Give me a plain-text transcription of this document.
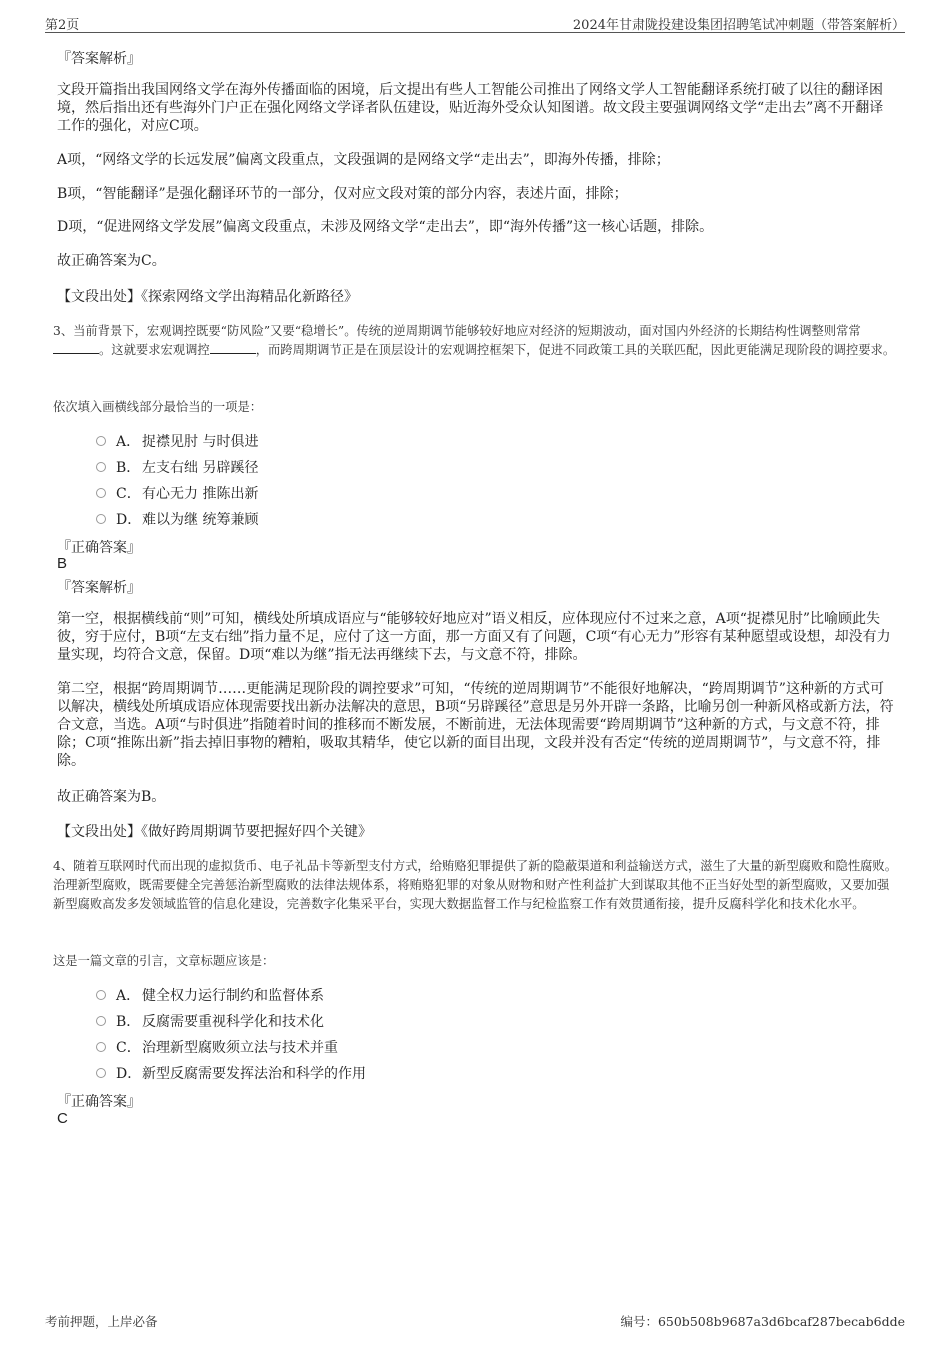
第2页	2024年甘肃陇投建设集团招聘笔试冲刺题（带答案解析）
『答案解析』

文段开篇指出我国网络文学在海外传播面临的困境，后文提出有些人工智能公司推出了网络文学人工智能翻译系统打破了以往的翻译困境，然后指出还有些海外门户正在强化网络文学译者队伍建设，贴近海外受众认知图谱。故文段主要强调网络文学“走出去”离不开翻译工作的强化，对应C项。

A项，“网络文学的长远发展”偏离文段重点，文段强调的是网络文学“走出去”，即海外传播，排除；

B项，“智能翻译”是强化翻译环节的一部分，仅对应文段对策的部分内容，表述片面，排除；

D项，“促进网络文学发展”偏离文段重点，未涉及网络文学“走出去”，即“海外传播”这一核心话题，排除。

故正确答案为C。

【文段出处】《探索网络文学出海精品化新路径》

3、当前背景下，宏观调控既要“防风险”又要“稳增长”。传统的逆周期调节能够较好地应对经济的短期波动，面对国内外经济的长期结构性调整则常常。这就要求宏观调控	，而跨周期调节正是在顶层设计的宏观调控框架下，促进不同政策工具的关联匹配，因此更能满足现阶段的调控要求。

依次填入画横线部分最恰当的一项是：
A． 捉襟见肘 与时俱进
B． 左支右绌 另辟蹊径
C．有心无力 推陈出新
D．难以为继 统筹兼顾
『正确答案』
B
『答案解析』

第一空，根据横线前“则”可知，横线处所填成语应与“能够较好地应对”语义相反，应体现应付不过来之意，A项“捉襟见肘”比喻顾此失彼，穷于应付，B项“左支右绌”指力量不足，应付了这一方面，那一方面又有了问题，C项“有心无力”形容有某种愿望或设想，却没有力量实现，均符合文意，保留。D项“难以为继”指无法再继续下去，与文意不符，排除。

第二空，根据“跨周期调节……更能满足现阶段的调控要求”可知，“传统的逆周期调节”不能很好地解决，“跨周期调节”这种新的方式可以解决，横线处所填成语应体现需要找出新办法解决的意思，B项“另辟蹊径”意思是另外开辟一条路，比喻另创一种新风格或新方法，符合文意，当选。A项“与时俱进”指随着时间的推移而不断发展，不断前进，无法体现需要“跨周期调节”这种新的方式，与文意不符，排除；C项“推陈出新”指去掉旧事物的糟粕，吸取其精华，使它以新的面目出现，文段并没有否定“传统的逆周期调节”，与文意不符，排除。

故正确答案为B。

【文段出处】《做好跨周期调节要把握好四个关键》

4、随着互联网时代而出现的虚拟货币、电子礼品卡等新型支付方式，给贿赂犯罪提供了新的隐蔽渠道和利益输送方式，滋生了大量的新型腐败和隐性腐败。治理新型腐败，既需要健全完善惩治新型腐败的法律法规体系，将贿赂犯罪的对象从财物和财产性利益扩大到谋取其他不正当好处型的新型腐败，又要加强新型腐败高发多发领域监管的信息化建设，完善数字化集采平台，实现大数据监督工作与纪检监察工作有效贯通衔接，提升反腐科学化和技术化水平。

这是一篇文章的引言，文章标题应该是：
A． 健全权力运行制约和监督体系
B． 反腐需要重视科学化和技术化
C．治理新型腐败须立法与技术并重
D．新型反腐需要发挥法治和科学的作用
『正确答案』
C
考前押题，上岸必备	编号：650b508b9687a3d6bcaf287becab6dde
